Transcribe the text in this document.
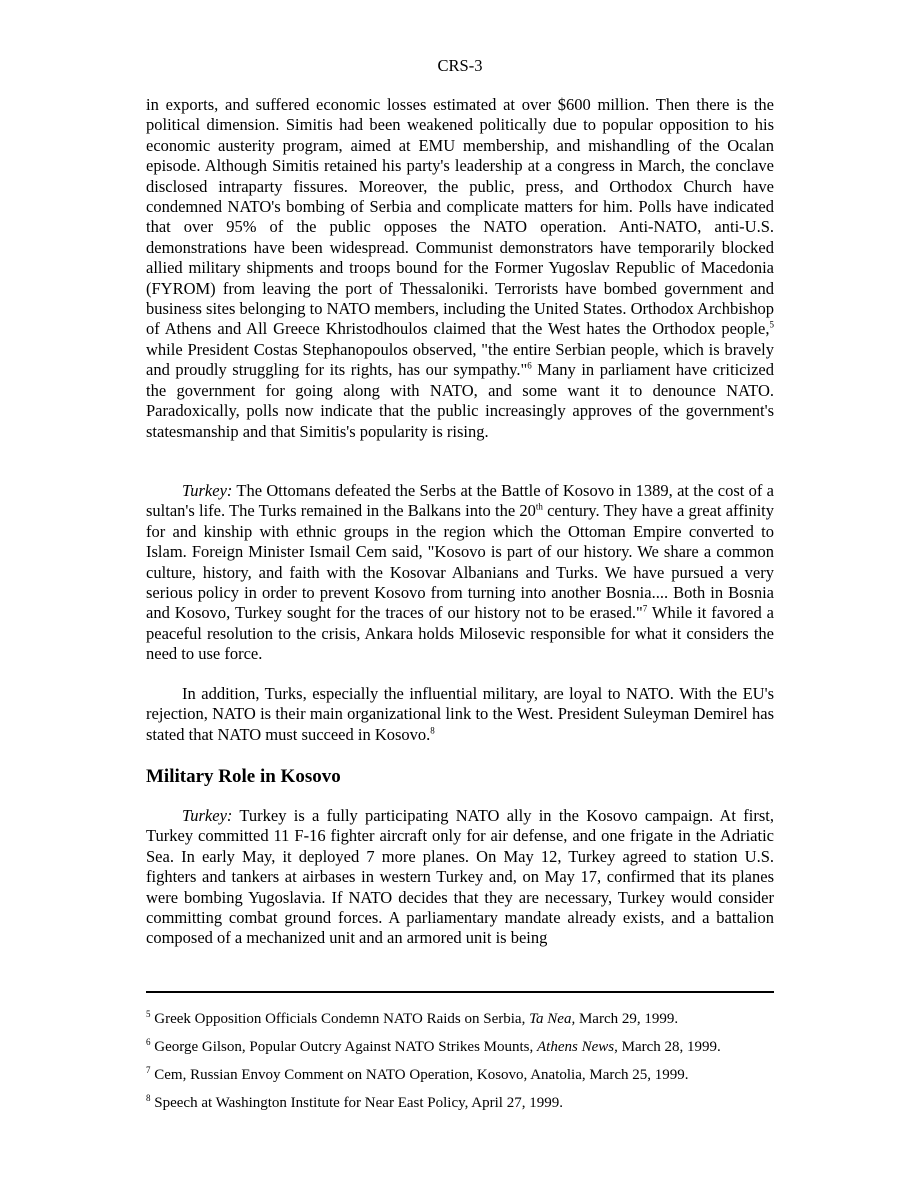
CRS-3

in exports, and suffered economic losses estimated at over $600 million. Then there is the political dimension. Simitis had been weakened politically due to popular opposition to his economic austerity program, aimed at EMU membership, and mishandling of the Ocalan episode. Although Simitis retained his party's leadership at a congress in March, the conclave disclosed intraparty fissures. Moreover, the public, press, and Orthodox Church have condemned NATO's bombing of Serbia and complicate matters for him. Polls have indicated that over 95% of the public opposes the NATO operation. Anti-NATO, anti-U.S. demonstrations have been widespread. Communist demonstrators have temporarily blocked allied military shipments and troops bound for the Former Yugoslav Republic of Macedonia (FYROM) from leaving the port of Thessaloniki. Terrorists have bombed government and business sites belonging to NATO members, including the United States. Orthodox Archbishop of Athens and All Greece Khristodhoulos claimed that the West hates the Orthodox people,$^5$ while President Costas Stephanopoulos observed, "the entire Serbian people, which is bravely and proudly struggling for its rights, has our sympathy."$^6$ Many in parliament have criticized the government for going along with NATO, and some want it to denounce NATO. Paradoxically, polls now indicate that the public increasingly approves of the government's statesmanship and that Simitis's popularity is rising.

Turkey: The Ottomans defeated the Serbs at the Battle of Kosovo in 1389, at the cost of a sultan's life. The Turks remained in the Balkans into the 20th century. They have a great affinity for and kinship with ethnic groups in the region which the Ottoman Empire converted to Islam. Foreign Minister Ismail Cem said, "Kosovo is part of our history. We share a common culture, history, and faith with the Kosovar Albanians and Turks. We have pursued a very serious policy in order to prevent Kosovo from turning into another Bosnia.... Both in Bosnia and Kosovo, Turkey sought for the traces of our history not to be erased."$^7$ While it favored a peaceful resolution to the crisis, Ankara holds Milosevic responsible for what it considers the need to use force.

In addition, Turks, especially the influential military, are loyal to NATO. With the EU's rejection, NATO is their main organizational link to the West. President Suleyman Demirel has stated that NATO must succeed in Kosovo.$^8$

Military Role in Kosovo

Turkey: Turkey is a fully participating NATO ally in the Kosovo campaign. At first, Turkey committed 11 F-16 fighter aircraft only for air defense, and one frigate in the Adriatic Sea. In early May, it deployed 7 more planes. On May 12, Turkey agreed to station U.S. fighters and tankers at airbases in western Turkey and, on May 17, confirmed that its planes were bombing Yugoslavia. If NATO decides that they are necessary, Turkey would consider committing combat ground forces. A parliamentary mandate already exists, and a battalion composed of a mechanized unit and an armored unit is being

$^5$ Greek Opposition Officials Condemn NATO Raids on Serbia, Ta Nea, March 29, 1999.

$^6$ George Gilson, Popular Outcry Against NATO Strikes Mounts, Athens News, March 28, 1999.

$^7$ Cem, Russian Envoy Comment on NATO Operation, Kosovo, Anatolia, March 25, 1999.

$^8$ Speech at Washington Institute for Near East Policy, April 27, 1999.
